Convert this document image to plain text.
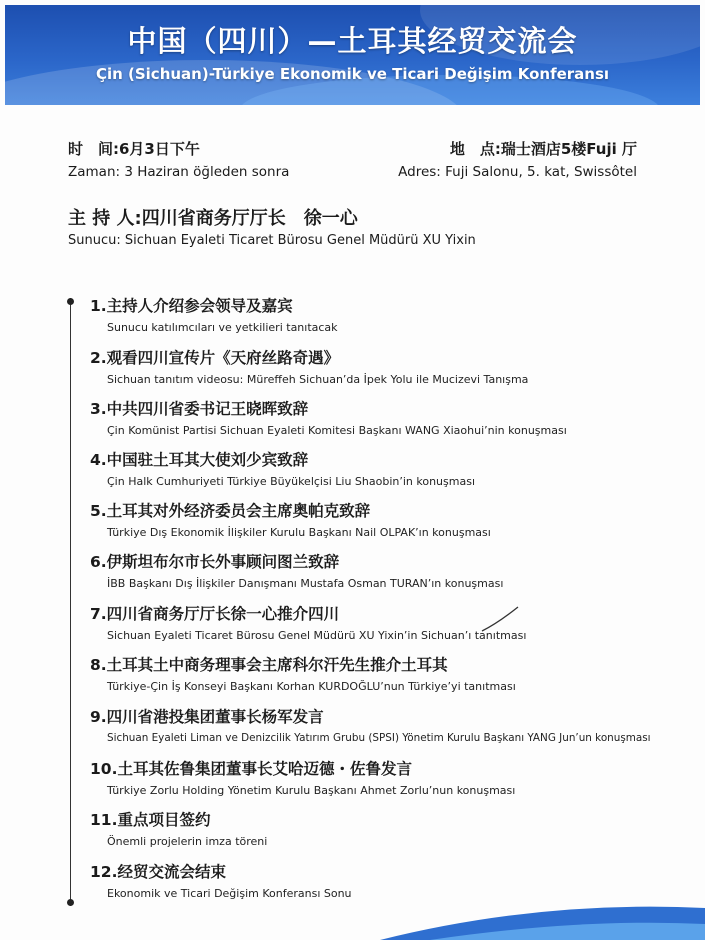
中国（四川）—土耳其经贸交流会
Çin (Sichuan)-Türkiye Ekonomik ve Ticari Değişim Konferansı
时　间:6月3日下午
Zaman: 3 Haziran öğleden sonra
地　点:瑞士酒店5楼Fuji 厅
Adres: Fuji Salonu, 5. kat, Swissôtel
主 持 人:四川省商务厅厅长　徐一心
Sunucu: Sichuan Eyaleti Ticaret Bürosu Genel Müdürü XU Yixin
1.主持人介绍参会领导及嘉宾
Sunucu katılımcıları ve yetkilieri tanıtacak
2.观看四川宣传片《天府丝路奇遇》
Sichuan tanıtım videosu: Müreffeh Sichuan’da İpek Yolu ile Mucizevi Tanışma
3.中共四川省委书记王晓晖致辞
Çin Komünist Partisi Sichuan Eyaleti Komitesi Başkanı WANG Xiaohui’nin konuşması
4.中国驻土耳其大使刘少宾致辞
Çin Halk Cumhuriyeti Türkiye Büyükelçisi Liu Shaobin’in konuşması
5.土耳其对外经济委员会主席奥帕克致辞
Türkiye Dış Ekonomik İlişkiler Kurulu Başkanı Nail OLPAK’ın konuşması
6.伊斯坦布尔市长外事顾问图兰致辞
İBB Başkanı Dış İlişkiler Danışmanı Mustafa Osman TURAN’ın konuşması
7.四川省商务厅厅长徐一心推介四川
Sichuan Eyaleti Ticaret Bürosu Genel Müdürü XU Yixin’in Sichuan’ı tanıtması
8.土耳其土中商务理事会主席科尔汗先生推介土耳其
Türkiye-Çin İş Konseyi Başkanı Korhan KURDOĞLU’nun Türkiye’yi tanıtması
9.四川省港投集团董事长杨军发言
Sichuan Eyaleti Liman ve Denizcilik Yatırım Grubu (SPSI) Yönetim Kurulu Başkanı YANG Jun’un konuşması
10.土耳其佐鲁集团董事长艾哈迈德・佐鲁发言
Türkiye Zorlu Holding Yönetim Kurulu Başkanı Ahmet Zorlu’nun konuşması
11.重点项目签约
Önemli projelerin imza töreni
12.经贸交流会结束
Ekonomik ve Ticari Değişim Konferansı Sonu
